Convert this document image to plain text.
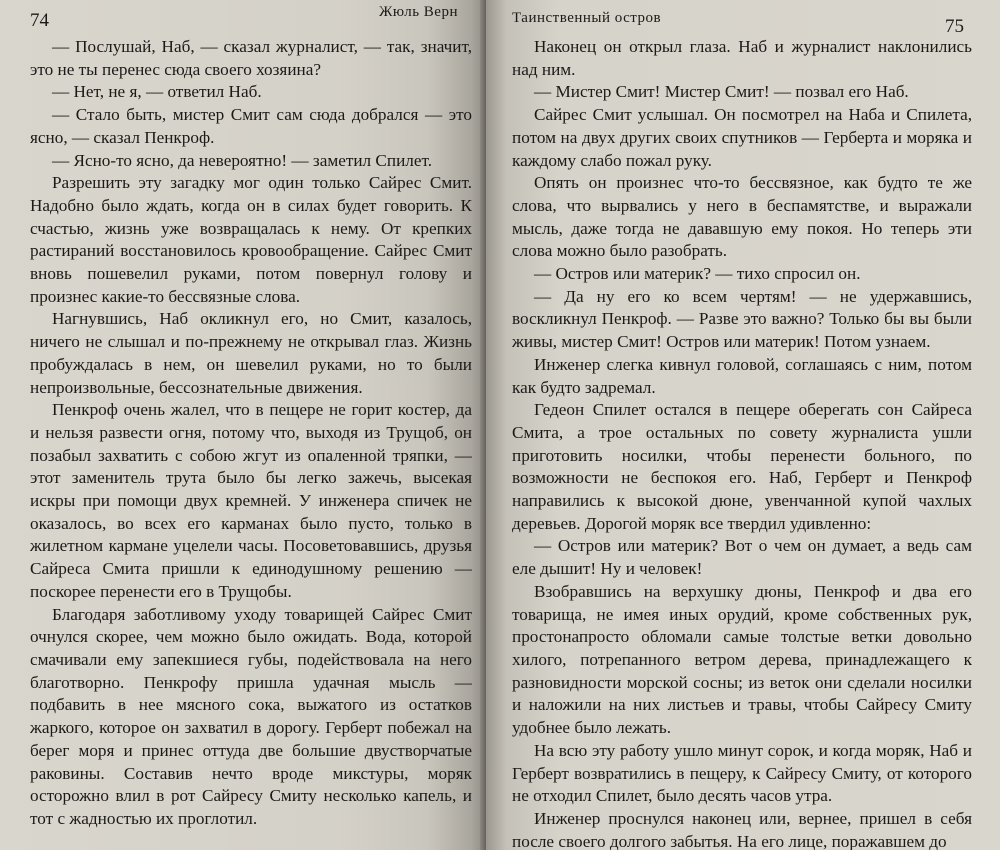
74	Жюль Верн

— Послушай, Наб, — сказал журналист, — так, значит, это не ты перенес сюда своего хозяина?

— Нет, не я, — ответил Наб.

— Стало быть, мистер Смит сам сюда добрался — это ясно, — сказал Пенкроф.

— Ясно-то ясно, да невероятно! — заметил Спилет.

Разрешить эту загадку мог один только Сайрес Смит. Надобно было ждать, когда он в силах будет говорить. К счастью, жизнь уже возвращалась к нему. От крепких растираний восстановилось кровообращение. Сайрес Смит вновь пошевелил руками, потом повернул голову и произнес какие-то бессвязные слова.

Нагнувшись, Наб окликнул его, но Смит, казалось, ничего не слышал и по-прежнему не открывал глаз. Жизнь пробуждалась в нем, он шевелил руками, но то были непроизвольные, бессознательные движения.

Пенкроф очень жалел, что в пещере не горит костер, да и нельзя развести огня, потому что, выходя из Трущоб, он позабыл захватить с собою жгут из опаленной тряпки, — этот заменитель трута было бы легко зажечь, высекая искры при помощи двух кремней. У инженера спичек не оказалось, во всех его карманах было пусто, только в жилетном кармане уцелели часы. Посоветовавшись, друзья Сайреса Смита пришли к единодушному решению — поскорее перенести его в Трущобы.

Благодаря заботливому уходу товарищей Сайрес Смит очнулся скорее, чем можно было ожидать. Вода, которой смачивали ему запекшиеся губы, подействовала на него благотворно. Пенкрофу пришла удачная мысль — подбавить в нее мясного сока, выжатого из остатков жаркого, которое он захватил в дорогу. Герберт побежал на берег моря и принес оттуда две большие двустворчатые раковины. Составив нечто вроде микстуры, моряк осторожно влил в рот Сайресу Смиту несколько капель, и тот с жадностью их проглотил.

Таинственный остров	75

Наконец он открыл глаза. Наб и журналист наклонились над ним.

— Мистер Смит! Мистер Смит! — позвал его Наб.

Сайрес Смит услышал. Он посмотрел на Наба и Спилета, потом на двух других своих спутников — Герберта и моряка и каждому слабо пожал руку.

Опять он произнес что-то бессвязное, как будто те же слова, что вырвались у него в беспамятстве, и выражали мысль, даже тогда не дававшую ему покоя. Но теперь эти слова можно было разобрать.

— Остров или материк? — тихо спросил он.

— Да ну его ко всем чертям! — не удержавшись, воскликнул Пенкроф. — Разве это важно? Только бы вы были живы, мистер Смит! Остров или материк! Потом узнаем.

Инженер слегка кивнул головой, соглашаясь с ним, потом как будто задремал.

Гедеон Спилет остался в пещере оберегать сон Сайреса Смита, а трое остальных по совету журналиста ушли приготовить носилки, чтобы перенести больного, по возможности не беспокоя его. Наб, Герберт и Пенкроф направились к высокой дюне, увенчанной купой чахлых деревьев. Дорогой моряк все твердил удивленно:

— Остров или материк? Вот о чем он думает, а ведь сам еле дышит! Ну и человек!

Взобравшись на верхушку дюны, Пенкроф и два его товарища, не имея иных орудий, кроме собственных рук, простонапросто обломали самые толстые ветки довольно хилого, потрепанного ветром дерева, принадлежащего к разновидности морской сосны; из веток они сделали носилки и наложили на них листьев и травы, чтобы Сайресу Смиту удобнее было лежать.

На всю эту работу ушло минут сорок, и когда моряк, Наб и Герберт возвратились в пещеру, к Сайресу Смиту, от которого не отходил Спилет, было десять часов утра.

Инженер проснулся наконец или, вернее, пришел в себя после своего долгого забытья. На его лице, поражавшем до
